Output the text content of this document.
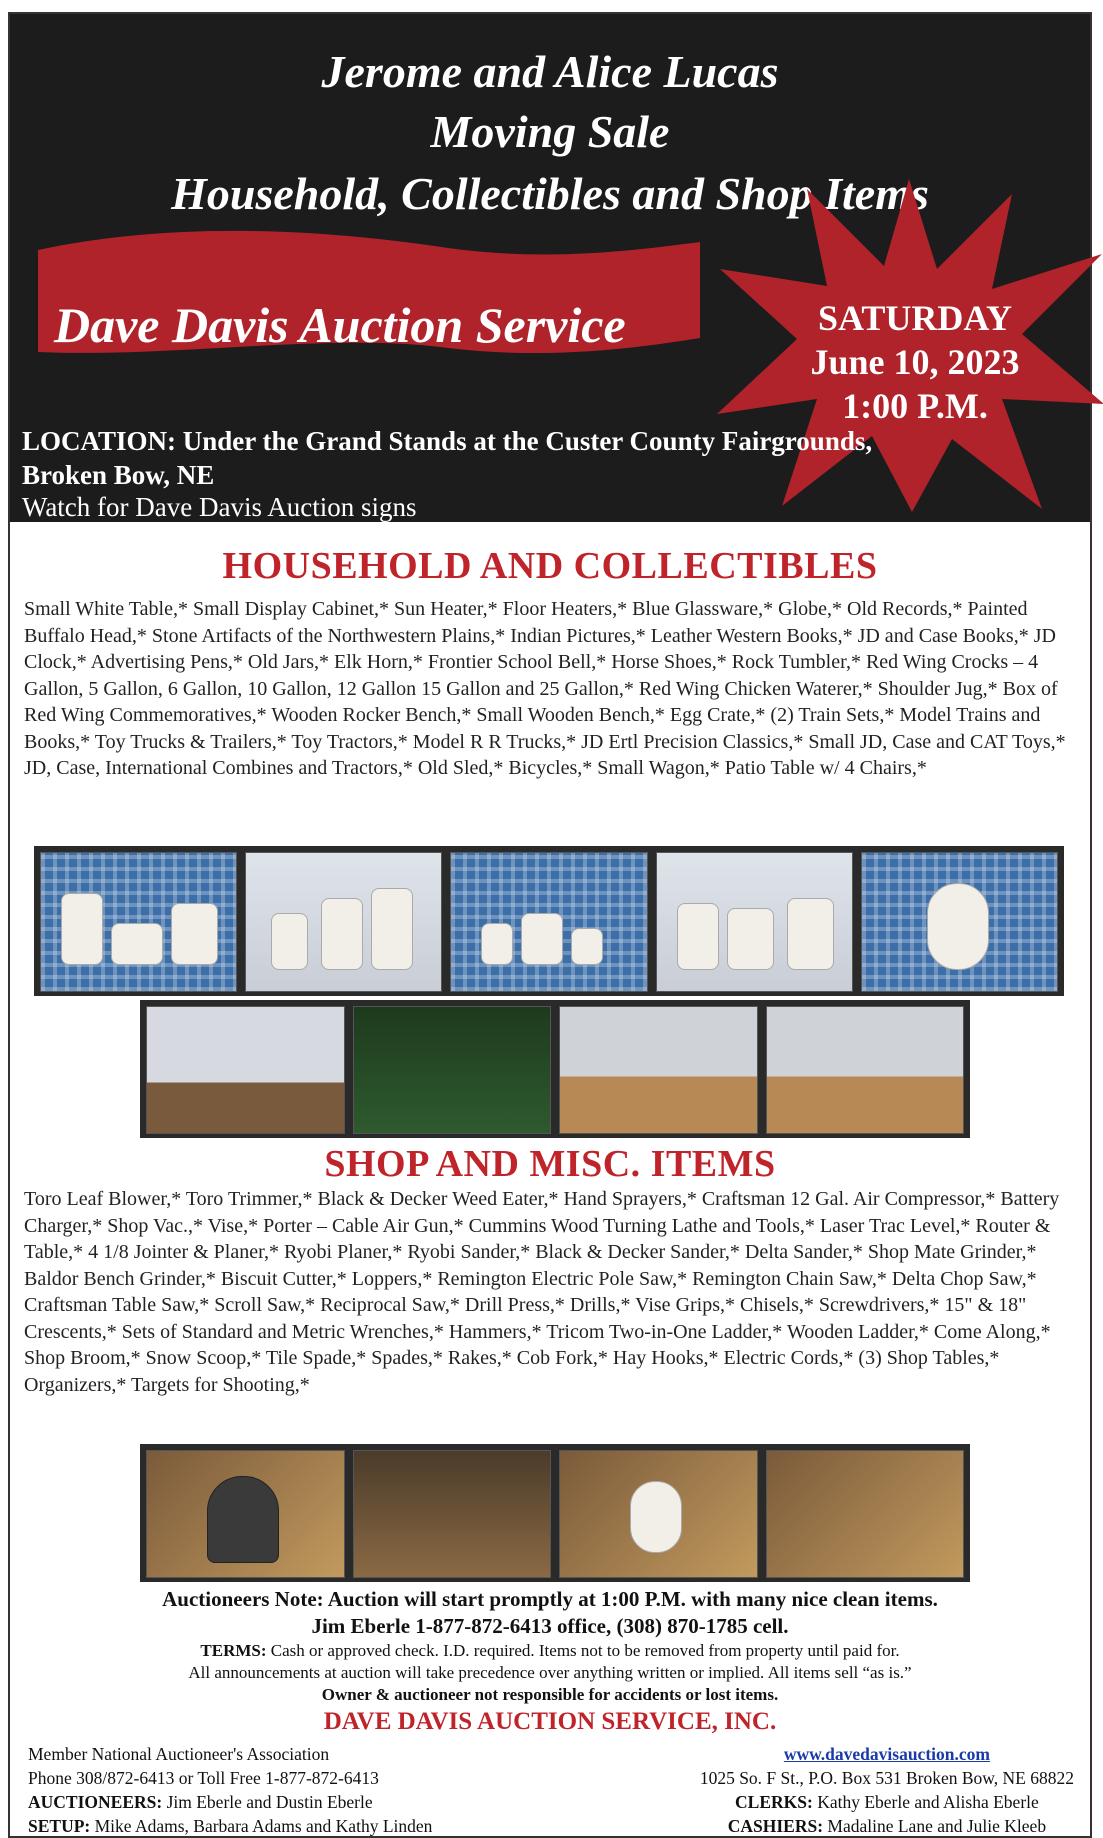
Jerome and Alice Lucas
Moving Sale
Household, Collectibles and Shop Items
Dave Davis Auction Service	SATURDAY
June 10, 2023
1:00 P.M.
LOCATION: Under the Grand Stands at the Custer County Fairgrounds,
Broken Bow, NE
Watch for Dave Davis Auction signs
HOUSEHOLD AND COLLECTIBLES
Small White Table,* Small Display Cabinet,* Sun Heater,* Floor Heaters,* Blue Glassware,* Globe,* Old Records,* Painted Buffalo Head,* Stone Artifacts of the Northwestern Plains,* Indian Pictures,* Leather Western Books,* JD and Case Books,* JD Clock,* Advertising Pens,* Old Jars,* Elk Horn,* Frontier School Bell,* Horse Shoes,* Rock Tumbler,* Red Wing Crocks – 4 Gallon, 5 Gallon, 6 Gallon, 10 Gallon, 12 Gallon 15 Gallon and 25 Gallon,* Red Wing Chicken Waterer,* Shoulder Jug,* Box of Red Wing Commemoratives,* Wooden Rocker Bench,* Small Wooden Bench,* Egg Crate,* (2) Train Sets,* Model Trains and Books,* Toy Trucks & Trailers,* Toy Tractors,* Model R R Trucks,* JD Ertl Precision Classics,* Small JD, Case and CAT Toys,* JD, Case, International Combines and Tractors,* Old Sled,* Bicycles,* Small Wagon,* Patio Table w/ 4 Chairs,*
SHOP AND MISC. ITEMS
Toro Leaf Blower,* Toro Trimmer,* Black & Decker Weed Eater,* Hand Sprayers,* Craftsman 12 Gal. Air Compressor,* Battery Charger,* Shop Vac.,* Vise,* Porter – Cable Air Gun,* Cummins Wood Turning Lathe and Tools,* Laser Trac Level,* Router & Table,* 4 1/8 Jointer & Planer,* Ryobi Planer,* Ryobi Sander,* Black & Decker Sander,* Delta Sander,* Shop Mate Grinder,* Baldor Bench Grinder,* Biscuit Cutter,* Loppers,* Remington Electric Pole Saw,* Remington Chain Saw,* Delta Chop Saw,* Craftsman Table Saw,* Scroll Saw,* Reciprocal Saw,* Drill Press,* Drills,* Vise Grips,* Chisels,* Screwdrivers,* 15" & 18" Crescents,* Sets of Standard and Metric Wrenches,* Hammers,* Tricom Two-in-One Ladder,* Wooden Ladder,* Come Along,* Shop Broom,* Snow Scoop,* Tile Spade,* Spades,* Rakes,* Cob Fork,* Hay Hooks,* Electric Cords,* (3) Shop Tables,* Organizers,* Targets for Shooting,*
Auctioneers Note: Auction will start promptly at 1:00 P.M. with many nice clean items.
Jim Eberle 1-877-872-6413 office, (308) 870-1785 cell.
TERMS: Cash or approved check. I.D. required. Items not to be removed from property until paid for.
All announcements at auction will take precedence over anything written or implied. All items sell “as is.”
Owner & auctioneer not responsible for accidents or lost items.
DAVE DAVIS AUCTION SERVICE, INC.
Member National Auctioneer's Association
Phone 308/872-6413 or Toll Free 1-877-872-6413
AUCTIONEERS: Jim Eberle and Dustin Eberle
SETUP: Mike Adams, Barbara Adams and Kathy Linden
www.davedavisauction.com
1025 So. F St., P.O. Box 531 Broken Bow, NE 68822
CLERKS: Kathy Eberle and Alisha Eberle
CASHIERS: Madaline Lane and Julie Kleeb
